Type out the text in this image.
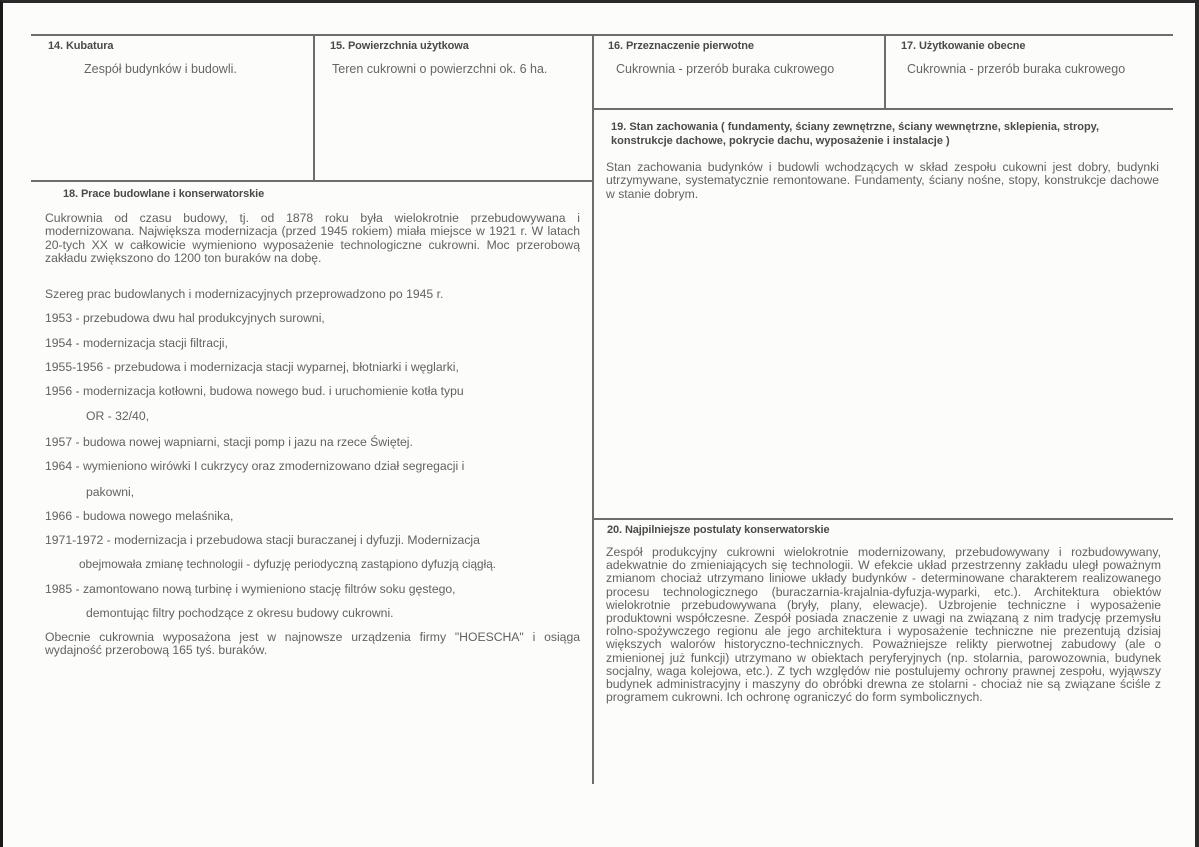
14. Kubatura
Zespół budynków i budowli.
15. Powierzchnia użytkowa
Teren cukrowni o powierzchni ok. 6 ha.
16. Przeznaczenie pierwotne
Cukrownia - przerób buraka cukrowego
17. Użytkowanie obecne
Cukrownia - przerób buraka cukrowego
19. Stan zachowania ( fundamenty, ściany zewnętrzne, ściany wewnętrzne, sklepienia, stropy, konstrukcje dachowe, pokrycie dachu, wyposażenie i instalacje )
Stan zachowania budynków i budowli wchodzących w skład zespołu cukowni jest dobry, budynki utrzymywane, systematycznie remontowane. Fundamenty, ściany nośne, stopy, konstrukcje dachowe w stanie dobrym.
18. Prace budowlane i konserwatorskie
Cukrownia od czasu budowy, tj. od 1878 roku była wielokrotnie przebudowywana i modernizowana. Największa modernizacja (przed 1945 rokiem) miała miejsce w 1921 r. W latach 20-tych XX w całkowicie wymieniono wyposażenie technologiczne cukrowni. Moc przerobową zakładu zwiększono do 1200 ton buraków na dobę.
Szereg prac budowlanych i modernizacyjnych przeprowadzono po 1945 r.
1953 - przebudowa dwu hal produkcyjnych surowni,
1954 - modernizacja stacji filtracji,
1955-1956 - przebudowa i modernizacja stacji wyparnej, błotniarki i węglarki,
1956 - modernizacja kotłowni, budowa nowego bud. i uruchomienie kotła typu
OR - 32/40,
1957 - budowa nowej wapniarni, stacji pomp i jazu na rzece Świętej.
1964 - wymieniono wirówki I cukrzycy oraz zmodernizowano dział segregacji i
pakowni,
1966 - budowa nowego melaśnika,
1971-1972 - modernizacja i przebudowa stacji buraczanej i dyfuzji. Modernizacja
obejmowała zmianę technologii - dyfuzję periodyczną zastąpiono dyfuzją ciągłą.
1985 - zamontowano nową turbinę i wymieniono stację filtrów soku gęstego,
demontując filtry pochodzące z okresu budowy cukrowni.
Obecnie cukrownia wyposażona jest w najnowsze urządzenia firmy "HOESCHA" i osiąga wydajność przerobową 165 tyś. buraków.
20. Najpilniejsze postulaty konserwatorskie
Zespół produkcyjny cukrowni wielokrotnie modernizowany, przebudowywany i rozbudowywany, adekwatnie do zmieniających się technologii. W efekcie układ przestrzenny zakładu uległ poważnym zmianom chociaż utrzymano liniowe układy budynków - determinowane charakterem realizowanego procesu technologicznego (buraczarnia-krajalnia-dyfuzja-wyparki, etc.). Architektura obiektów wielokrotnie przebudowywana (bryły, plany, elewacje). Uzbrojenie techniczne i wyposażenie produktowni współczesne. Zespół posiada znaczenie z uwagi na związaną z nim tradycję przemysłu rolno-spożywczego regionu ale jego architektura i wyposażenie techniczne nie prezentują dzisiaj większych walorów historyczno-technicznych. Poważniejsze relikty pierwotnej zabudowy (ale o zmienionej już funkcji) utrzymano w obiektach peryferyjnych (np. stolarnia, parowozownia, budynek socjalny, waga kolejowa, etc.). Z tych względów nie postulujemy ochrony prawnej zespołu, wyjąwszy budynek administracyjny i maszyny do obróbki drewna ze stolarni - chociaż nie są związane ściśle z programem cukrowni. Ich ochronę ograniczyć do form symbolicznych.
